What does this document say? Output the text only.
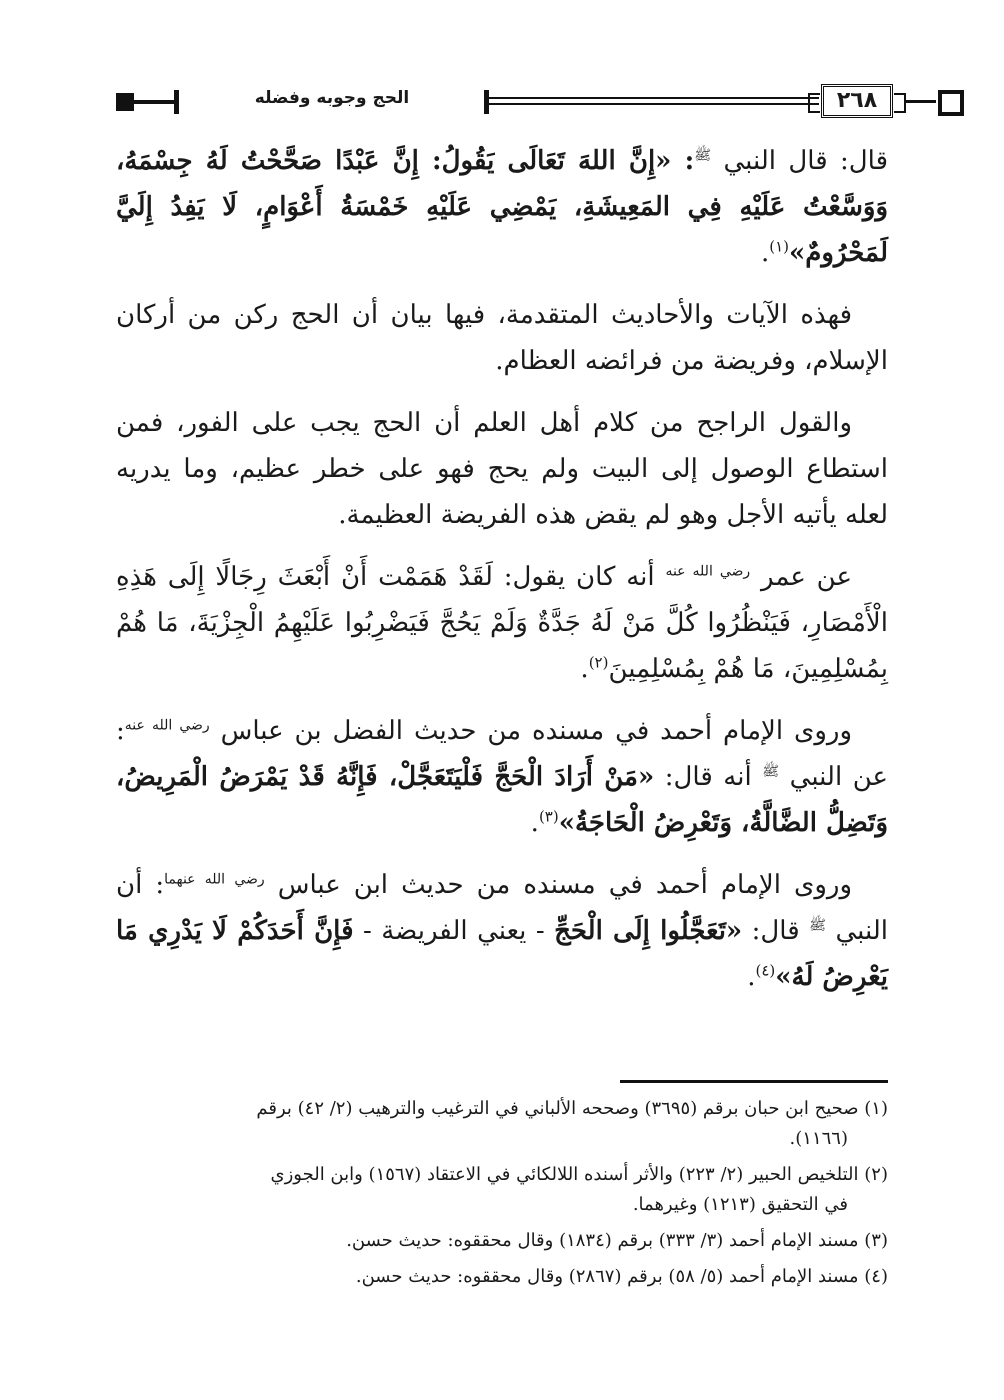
الحج وجوبه وفضله	٢٦٨

قال: قال النبي $^ﷺ$: «إِنَّ اللهَ تَعَالَى يَقُولُ: إِنَّ عَبْدًا صَحَّحْتُ لَهُ جِسْمَهُ، وَوَسَّعْتُ عَلَيْهِ فِي المَعِيشَةِ، يَمْضِي عَلَيْهِ خَمْسَةُ أَعْوَامٍ، لَا يَفِدُ إِلَيَّ لَمَحْرُومٌ»$^{(١)}$.

فهذه الآيات والأحاديث المتقدمة، فيها بيان أن الحج ركن من أركان الإسلام، وفريضة من فرائضه العظام.

والقول الراجح من كلام أهل العلم أن الحج يجب على الفور، فمن استطاع الوصول إلى البيت ولم يحج فهو على خطر عظيم، وما يدريه لعله يأتيه الأجل وهو لم يقض هذه الفريضة العظيمة.

عن عمر $^{رضي الله عنه}$ أنه كان يقول: لَقَدْ هَمَمْت أَنْ أَبْعَثَ رِجَالًا إِلَى هَذِهِ الْأَمْصَارِ، فَيَنْظُرُوا كُلَّ مَنْ لَهُ جَدَّةٌ وَلَمْ يَحُجَّ فَيَضْرِبُوا عَلَيْهِمُ الْجِزْيَةَ، مَا هُمْ بِمُسْلِمِينَ، مَا هُمْ بِمُسْلِمِينَ$^{(٢)}$.

وروى الإمام أحمد في مسنده من حديث الفضل بن عباس $^{رضي الله عنه}$: عن النبي $^ﷺ$ أنه قال: «مَنْ أَرَادَ الْحَجَّ فَلْيَتَعَجَّلْ، فَإِنَّهُ قَدْ يَمْرَضُ الْمَرِيضُ، وَتَضِلُّ الضَّالَّةُ، وَتَعْرِضُ الْحَاجَةُ»$^{(٣)}$.

وروى الإمام أحمد في مسنده من حديث ابن عباس $^{رضي الله عنهما}$: أن النبي $^ﷺ$ قال: «تَعَجَّلُوا إِلَى الْحَجِّ - يعني الفريضة - فَإِنَّ أَحَدَكُمْ لَا يَدْرِي مَا يَعْرِضُ لَهُ»$^{(٤)}$.

(١) صحيح ابن حبان برقم (٣٦٩٥) وصححه الألباني في الترغيب والترهيب (٢/ ٤٢) برقم
(١١٦٦).
(٢) التلخيص الحبير (٢/ ٢٢٣) والأثر أسنده اللالكائي في الاعتقاد (١٥٦٧) وابن الجوزي
في التحقيق (١٢١٣) وغيرهما.
(٣) مسند الإمام أحمد (٣/ ٣٣٣) برقم (١٨٣٤) وقال محققوه: حديث حسن.
(٤) مسند الإمام أحمد (٥/ ٥٨) برقم (٢٨٦٧) وقال محققوه: حديث حسن.
